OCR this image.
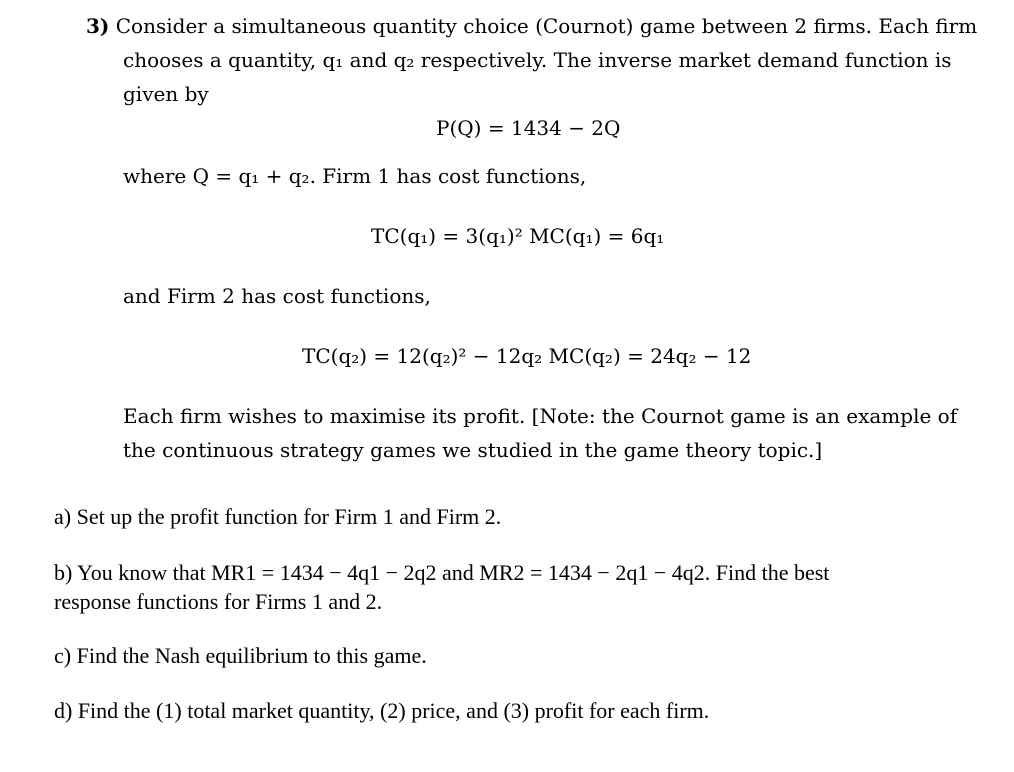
3) Consider a simultaneous quantity choice (Cournot) game between 2 firms. Each firm
chooses a quantity, q₁ and q₂ respectively. The inverse market demand function is
given by
P(Q) = 1434 − 2Q
where Q = q₁ + q₂. Firm 1 has cost functions,
TC(q₁) = 3(q₁)² MC(q₁) = 6q₁
and Firm 2 has cost functions,
TC(q₂) = 12(q₂)² − 12q₂ MC(q₂) = 24q₂ − 12
Each firm wishes to maximise its profit. [Note: the Cournot game is an example of
the continuous strategy games we studied in the game theory topic.]
a) Set up the profit function for Firm 1 and Firm 2.
b) You know that MR1 = 1434 − 4q1 − 2q2 and MR2 = 1434 − 2q1 − 4q2. Find the best
response functions for Firms 1 and 2.
c) Find the Nash equilibrium to this game.
d) Find the (1) total market quantity, (2) price, and (3) profit for each firm.
